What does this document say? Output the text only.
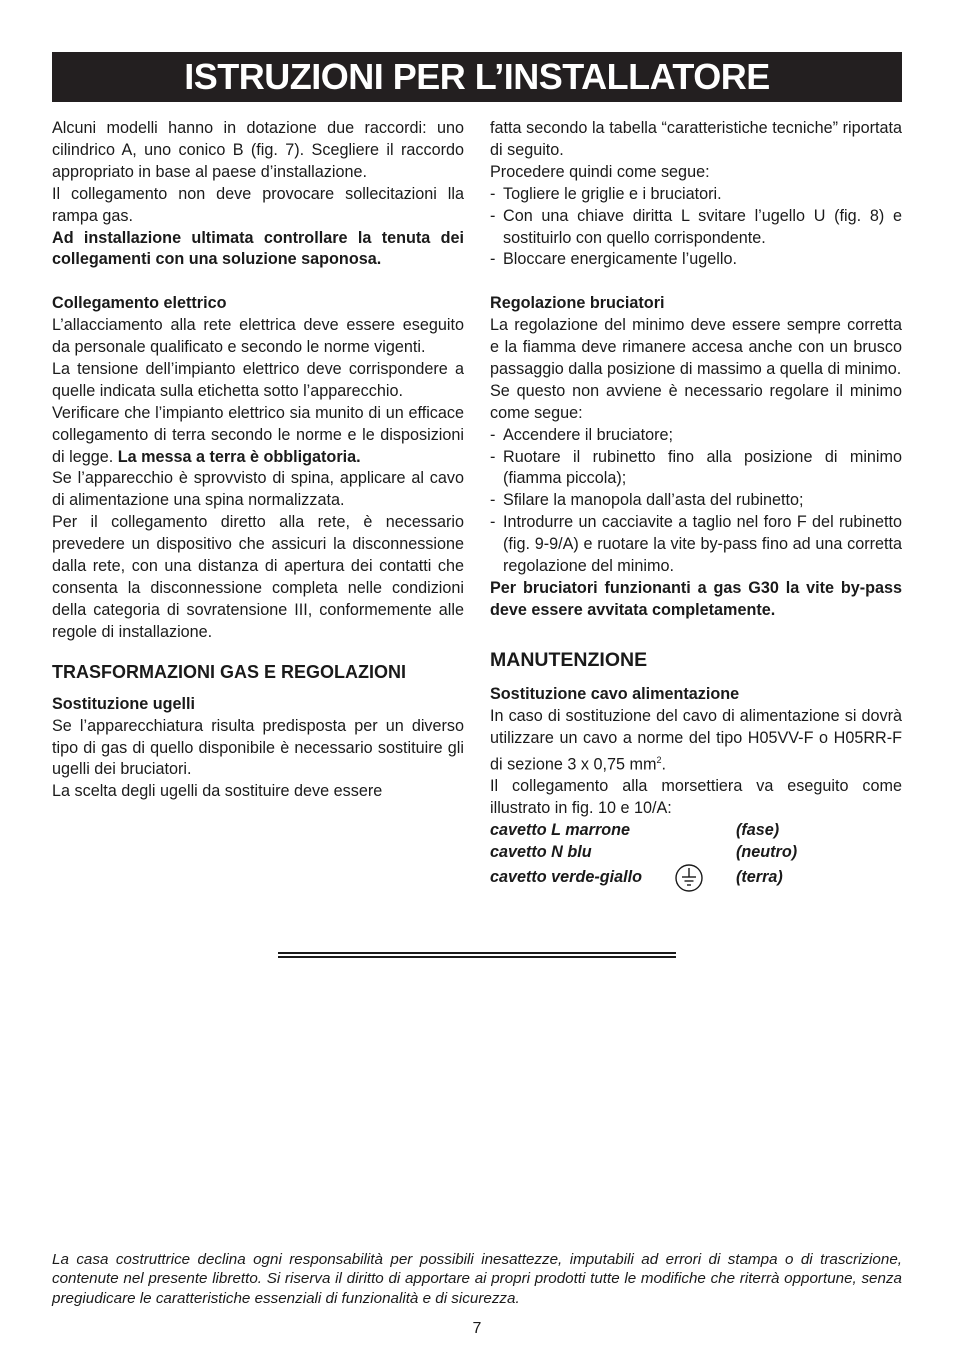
ISTRUZIONI PER L’INSTALLATORE

Alcuni modelli hanno in dotazione due raccordi: uno cilindrico A, uno conico B (fig. 7). Scegliere il raccordo appropriato in base al paese d’installazione.

Il collegamento non deve provocare sollecitazioni lla rampa gas.

Ad installazione ultimata controllare la tenuta dei collegamenti con una soluzione saponosa.

Collegamento elettrico

L’allacciamento alla rete elettrica deve essere eseguito da personale qualificato e secondo le norme vigenti.

La tensione dell’impianto elettrico deve corrispondere a quelle indicata sulla etichetta sotto l’apparecchio.

Verificare che l’impianto elettrico sia munito di un efficace collegamento di terra secondo le norme e le disposizioni di legge. La messa a terra è obbligatoria.

Se l’apparecchio è sprovvisto di spina, applicare al cavo di alimentazione una spina normalizzata.

Per il collegamento diretto alla rete, è necessario prevedere un dispositivo che assicuri la disconnessione dalla rete, con una distanza di apertura dei contatti che consenta la disconnessione completa nelle condizioni della categoria di sovratensione III, conformemente alle regole di installazione.

TRASFORMAZIONI GAS E REGOLAZIONI
Sostituzione ugelli

Se l’apparecchiatura risulta predisposta per un diverso tipo di gas di quello disponibile è necessario sostituire gli ugelli dei bruciatori.

La scelta degli ugelli da sostituire deve essere

fatta secondo la tabella “caratteristiche tecniche” riportata di seguito.

Procedere quindi come segue:

- Togliere le griglie e i bruciatori.
- Con una chiave diritta L svitare l’ugello U (fig. 8) e sostituirlo con quello corrispondente.
- Bloccare energicamente l’ugello.
Regolazione bruciatori

La regolazione del minimo deve essere sempre corretta e la fiamma deve rimanere accesa anche con un brusco passaggio dalla posizione di massimo a quella di minimo.

Se questo non avviene è necessario regolare il minimo come segue:

- Accendere il bruciatore;
- Ruotare il rubinetto fino alla posizione di minimo (fiamma piccola);
- Sfilare la manopola dall’asta del rubinetto;
- Introdurre un cacciavite a taglio nel foro F del rubinetto (fig. 9-9/A) e ruotare la vite by-pass fino ad una corretta regolazione del minimo.

Per bruciatori funzionanti a gas G30 la vite by-pass deve essere avvitata completamente.

MANUTENZIONE
Sostituzione cavo alimentazione

In caso di sostituzione del cavo di alimentazione si dovrà utilizzare un cavo a norme del tipo H05VV-F o H05RR-F di sezione 3 x 0,75 $mm^2$.

Il collegamento alla morsettiera va eseguito come illustrato in fig. 10 e 10/A:

cavetto L marrone	(fase)
cavetto N blu	(neutro)
cavetto verde-giallo	(terra)

La casa costruttrice declina ogni responsabilità per possibili inesattezze, imputabili ad errori di stampa o di trascrizione, contenute nel presente libretto. Si riserva il diritto di apportare ai propri prodotti tutte le modifiche che riterrà opportune, senza pregiudicare le caratteristiche essenziali di funzionalità e di sicurezza.

7
